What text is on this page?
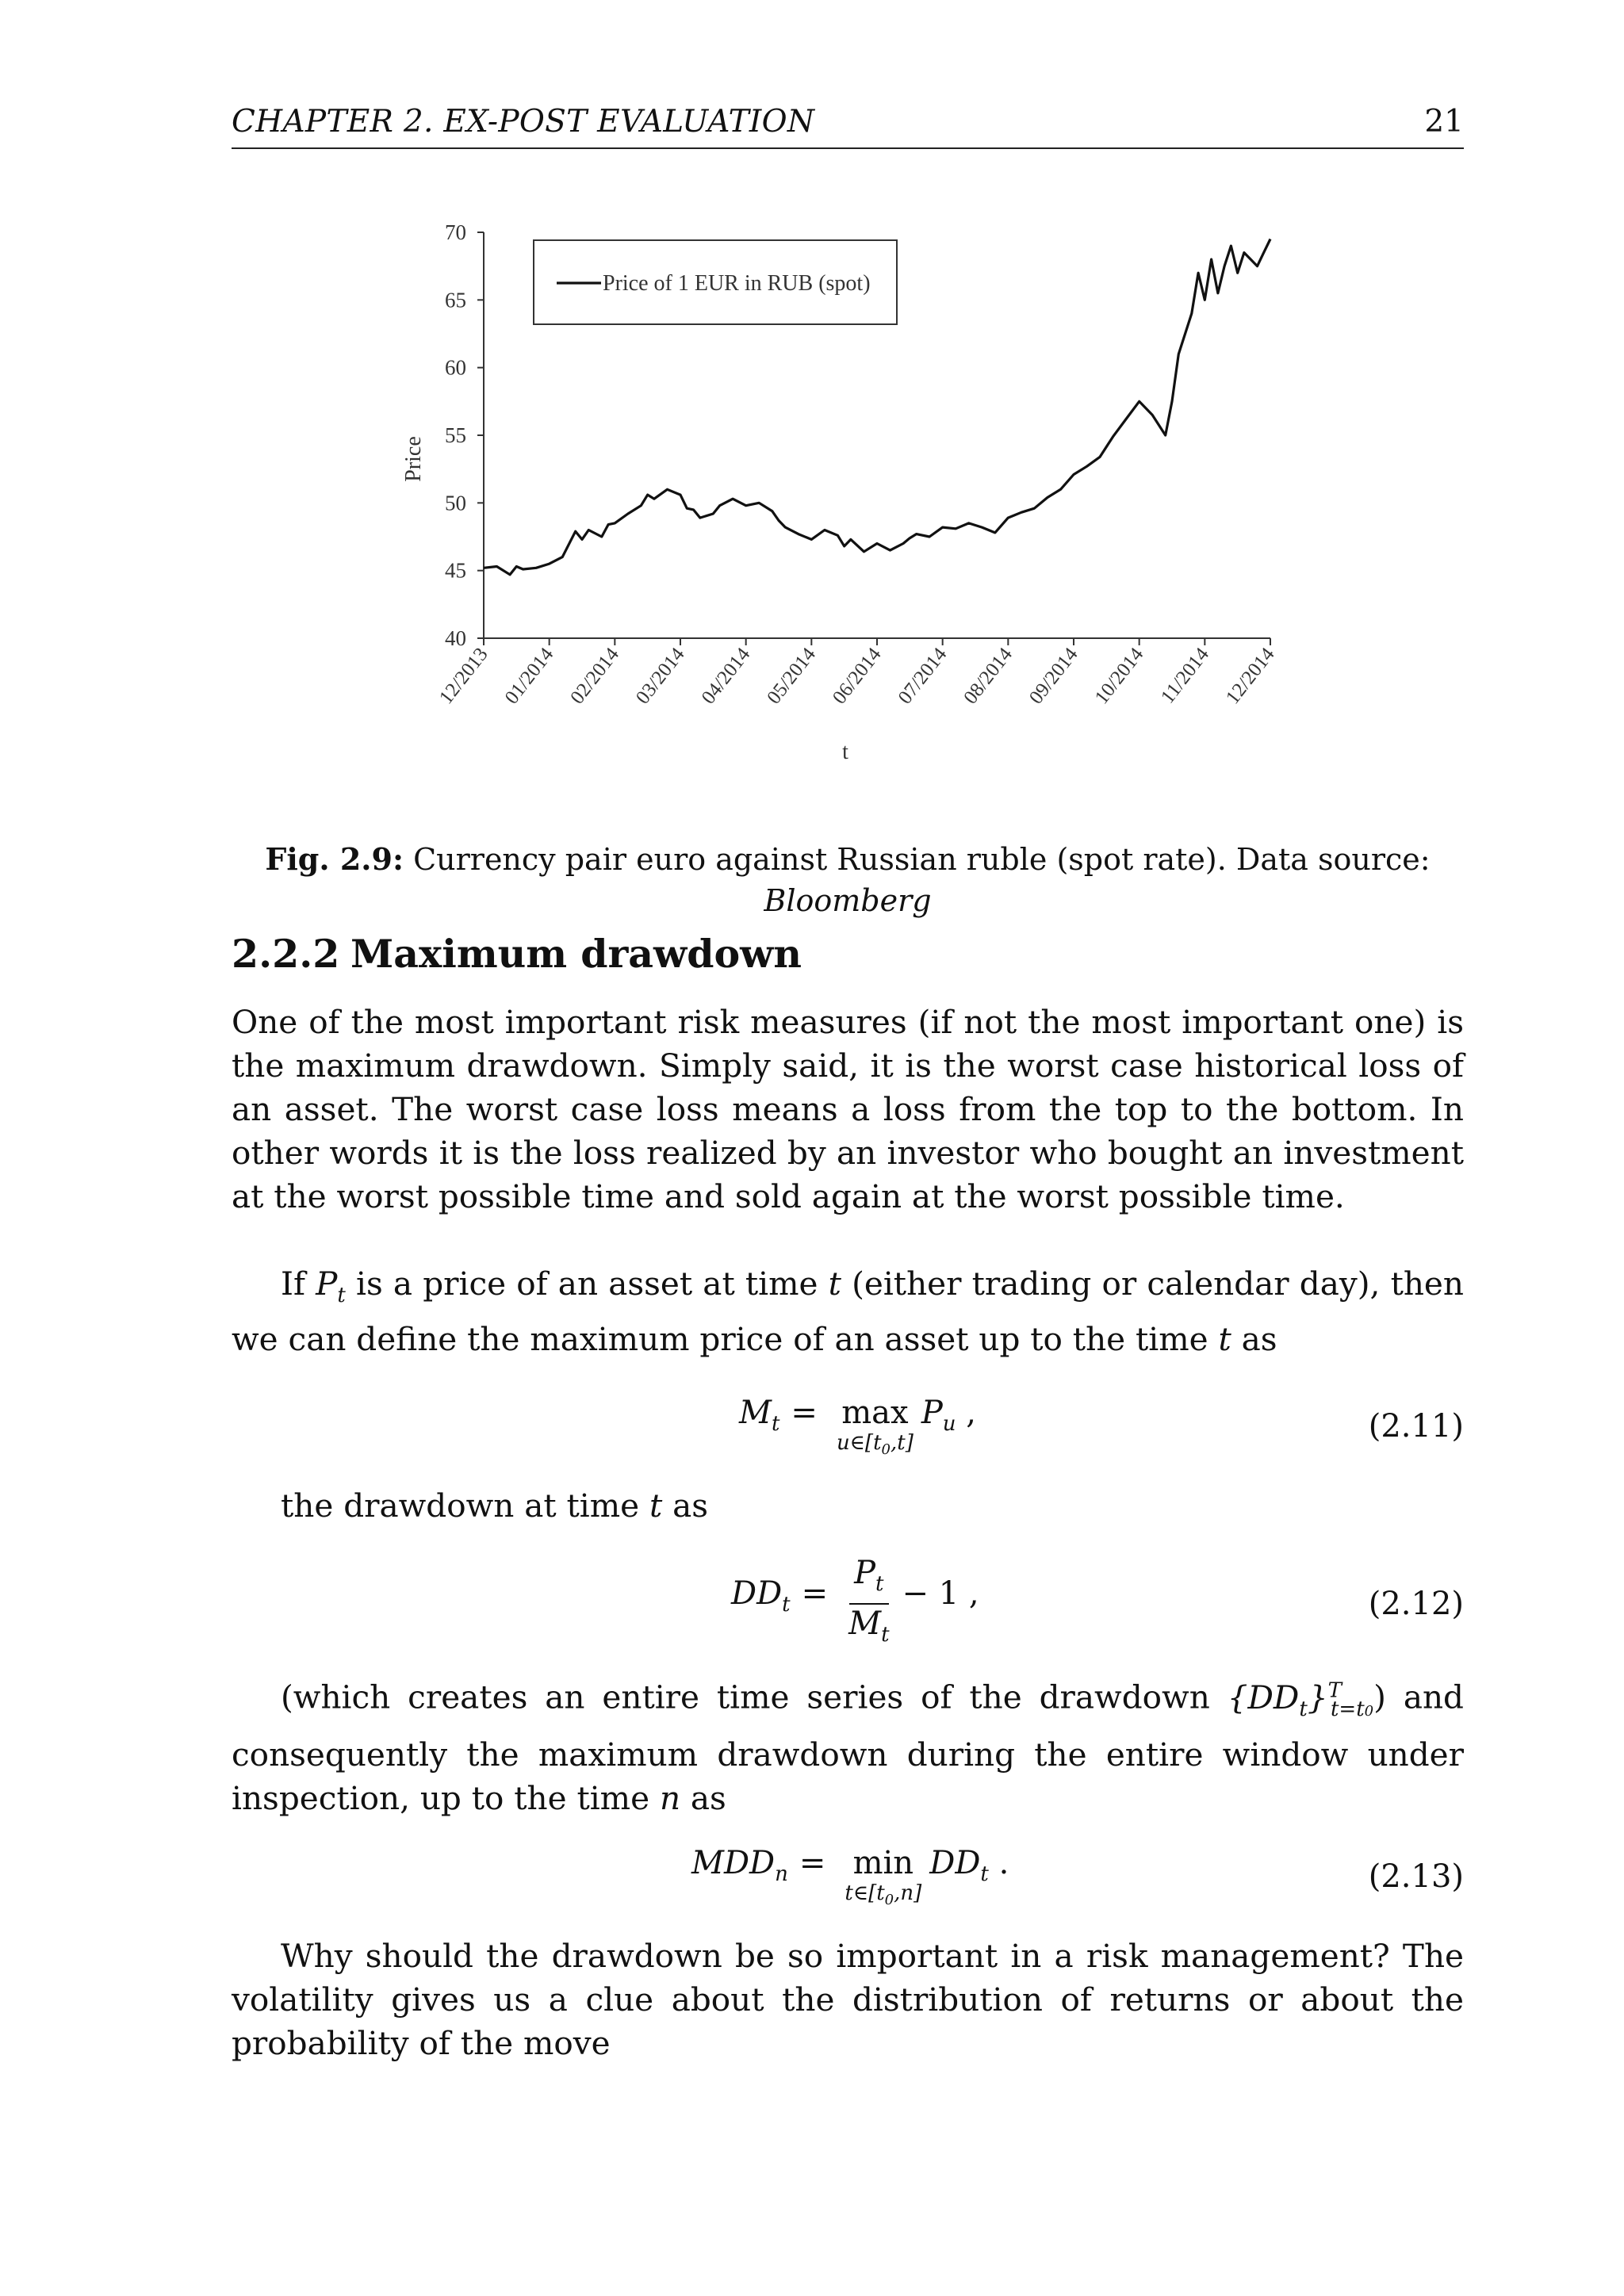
CHAPTER 2. EX-POST EVALUATION	21
40
45
50
55
60
65
70
12/2013 01/2014 02/2014 03/2014 04/2014 05/2014 06/2014 07/2014 08/2014 09/2014 10/2014 11/2014 12/2014
Price
t
Price of 1 EUR in RUB (spot)
Fig. 2.9: Currency pair euro against Russian ruble (spot rate). Data source: Bloomberg
2.2.2 Maximum drawdown
One of the most important risk measures (if not the most important one) is the maximum drawdown. Simply said, it is the worst case historical loss of an asset. The worst case loss means a loss from the top to the bottom. In other words it is the loss realized by an investor who bought an investment at the worst possible time and sold again at the worst possible time.
If $P_t$ is a price of an asset at time t (either trading or calendar day), then we can define the maximum price of an asset up to the time t as
$M_t = \max$
$u\in[t_0,t]$
$P_u$ ,	(2.11)
the drawdown at time t as
$DD_t = \frac{P_t}{M_t} - 1$ ,	(2.12)
(which creates an entire time series of the drawdown $\{DD_t\}^T_{t=t0}$) and consequently the maximum drawdown during the entire window under inspection, up to the time n as
$MDD_n = \min$
$t\in[t_0,n]$
$DD_t$ .	(2.13)
Why should the drawdown be so important in a risk management? The volatility gives us a clue about the distribution of returns or about the probability of the move
